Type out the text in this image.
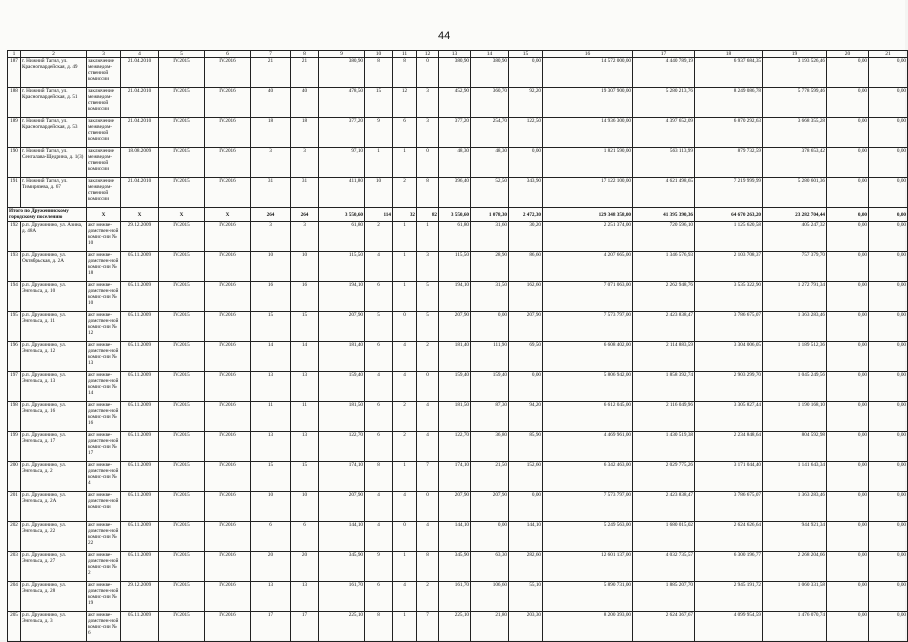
44
1	2	3	4	5	6	7	8	9	10	11	12	13	14	15	16	17	18	19	20	21
187	г. Нижний Тагил, ул. Красногвардейская, д. 49	заключение межведом-ственной комиссии	21.04.2010	IV.2015	IV.2016	21	21	380,90	8	8	0	380,90	380,90	0,00	14 572 000,00	4 440 789,19	6 937 684,35	3 193 526,46	0,00	0,00
188	г. Нижний Тагил, ул. Красногвардейская, д. 51	заключение межведом-ственной комиссии	21.04.2010	IV.2015	IV.2016	40	40	478,50	15	12	3	452,90	360,70	92,20	19 307 900,00	5 280 213,76	8 249 086,78	5 778 599,46	0,00	0,00
189	г. Нижний Тагил, ул. Красногвардейская, д. 53	заключение межведом-ственной комиссии	21.04.2010	IV.2015	IV.2016	18	18	377,20	9	6	3	377,20	254,70	122,50	14 936 300,00	4 397 652,09	6 870 292,63	3 668 355,28	0,00	0,00
190	г. Нижний Тагил, ул. Сенгалава-Щедрина, д. 1(3)	заключение межведом-ственной комиссии	18.08.2009	IV.2015	IV.2016	3	3	97,10	1	1	0	48,30	48,30	0,00	1 821 590,00	563 113,99	879 732,59	378 653,42	0,00	0,00
191	г. Нижний Тагил, ул. Тимирязева, д. 67	заключение межведом-ственной комиссии	21.04.2010	IV.2015	IV.2016	31	31	411,80	10	2	8	396,40	52,50	343,90	17 122 100,00	4 621 498,65	7 219 999,99	5 280 601,36	0,00	0,00
Итого по Друженинскому городскому поселению		X	X	X	X	264	264	3 550,60	114	32	82	3 550,60	1 078,30	2 472,30	129 348 358,00	41 395 390,36	64 670 263,20	23 282 704,44	0,00	0,00
192	р.п. Дружинино, ул. Азина, д. 48А	акт межве-домствен-ной комис-сии № 10	29.12.2009	IV.2015	IV.2016	3	3	61,80	2	1	1	61,80	31,60	30,20	2 251 374,00	720 596,10	1 125 620,58	405 247,32	0,00	0,00
193	р.п. Дружинино, ул. Октябрьская, д. 2А	акт межве-домствен-ной комис-сии № 18	05.11.2009	IV.2015	IV.2016	10	10	115,50	4	1	3	115,50	28,90	86,60	4 207 665,00	1 346 576,93	2 103 708,37	757 379,70	0,00	0,00
194	р.п. Дружинино, ул. Энгельса, д. 10	акт межве-домствен-ной комис-сии № 10	05.11.2009	IV.2015	IV.2016	16	16	194,10	6	1	5	194,10	31,50	162,60	7 071 063,00	2 262 948,76	3 535 322,90	1 272 791,34	0,00	0,00
195	р.п. Дружинино, ул. Энгельса, д. 11	акт межве-домствен-ной комис-сии № 12	05.11.2009	IV.2015	IV.2016	15	15	207,90	5	0	5	207,90	0,00	207,90	7 573 797,00	2 423 838,47	3 786 675,07	1 363 283,46	0,00	0,00
196	р.п. Дружинино, ул. Энгельса, д. 12	акт межве-домствен-ной комис-сии № 13	05.11.2009	IV.2015	IV.2016	14	14	181,40	6	4	2	181,40	111,90	69,50	6 608 402,00	2 114 883,59	3 304 006,05	1 189 512,36	0,00	0,00
197	р.п. Дружинино, ул. Энгельса, д. 13	акт межве-домствен-ной комис-сии № 14	05.11.2009	IV.2015	IV.2016	13	13	159,40	4	4	0	159,40	159,40	0,00	5 806 942,00	1 858 392,74	2 903 299,70	1 045 249,56	0,00	0,00
198	р.п. Дружинино, ул. Энгельса, д. 16	акт межве-домствен-ной комис-сии № 16	05.11.2009	IV.2015	IV.2016	11	11	181,50	6	2	4	181,50	87,30	94,20	6 612 045,00	2 116 049,96	3 305 827,44	1 190 168,10	0,00	0,00
199	р.п. Дружинино, ул. Энгельса, д. 17	акт межве-домствен-ной комис-сии № 17	05.11.2009	IV.2015	IV.2016	13	13	122,70	6	2	4	122,70	36,80	85,90	4 469 961,00	1 430 519,38	2 234 848,64	804 592,98	0,00	0,00
200	р.п. Дружинино, ул. Энгельса, д. 2	акт межве-домствен-ной комис-сии № 4	05.11.2009	IV.2015	IV.2016	15	15	174,10	8	1	7	174,10	21,50	152,60	6 342 463,00	2 029 775,26	3 171 044,40	1 141 643,34	0,00	0,00
201	р.п. Дружинино, ул. Энгельса, д. 2А	акт межве-домствен-ной комис-сии	05.11.2009	IV.2015	IV.2016	10	10	207,90	4	4	0	207,90	207,90	0,00	7 573 797,00	2 423 838,47	3 786 675,07	1 363 283,46	0,00	0,00
202	р.п. Дружинино, ул. Энгельса, д. 22	акт межве-домствен-ной комис-сии № 22	05.11.2009	IV.2015	IV.2016	6	6	144,10	4	0	4	144,10	0,00	144,10	5 249 563,00	1 680 015,02	2 624 626,64	944 921,34	0,00	0,00
203	р.п. Дружинино, ул. Энгельса, д. 27	акт межве-домствен-ной комис-сии № 2	05.11.2009	IV.2015	IV.2016	20	20	345,90	9	1	8	345,90	63,30	282,60	12 601 137,00	4 032 735,57	6 300 196,77	2 268 204,66	0,00	0,00
204	р.п. Дружинино, ул. Энгельса, д. 28	акт межве-домствен-ной комис-сии № 19	29.12.2009	IV.2015	IV.2016	13	13	161,70	6	4	2	161,70	106,60	55,10	5 890 731,00	1 885 207,70	2 945 191,72	1 060 331,58	0,00	0,00
205	р.п. Дружинино, ул. Энгельса, д. 3	акт межве-домствен-ной комис-сии № 6	05.11.2009	IV.2015	IV.2016	17	17	225,10	8	1	7	225,10	21,80	203,30	8 200 393,00	2 624 367,67	4 099 954,59	1 476 070,74	0,00	0,00
